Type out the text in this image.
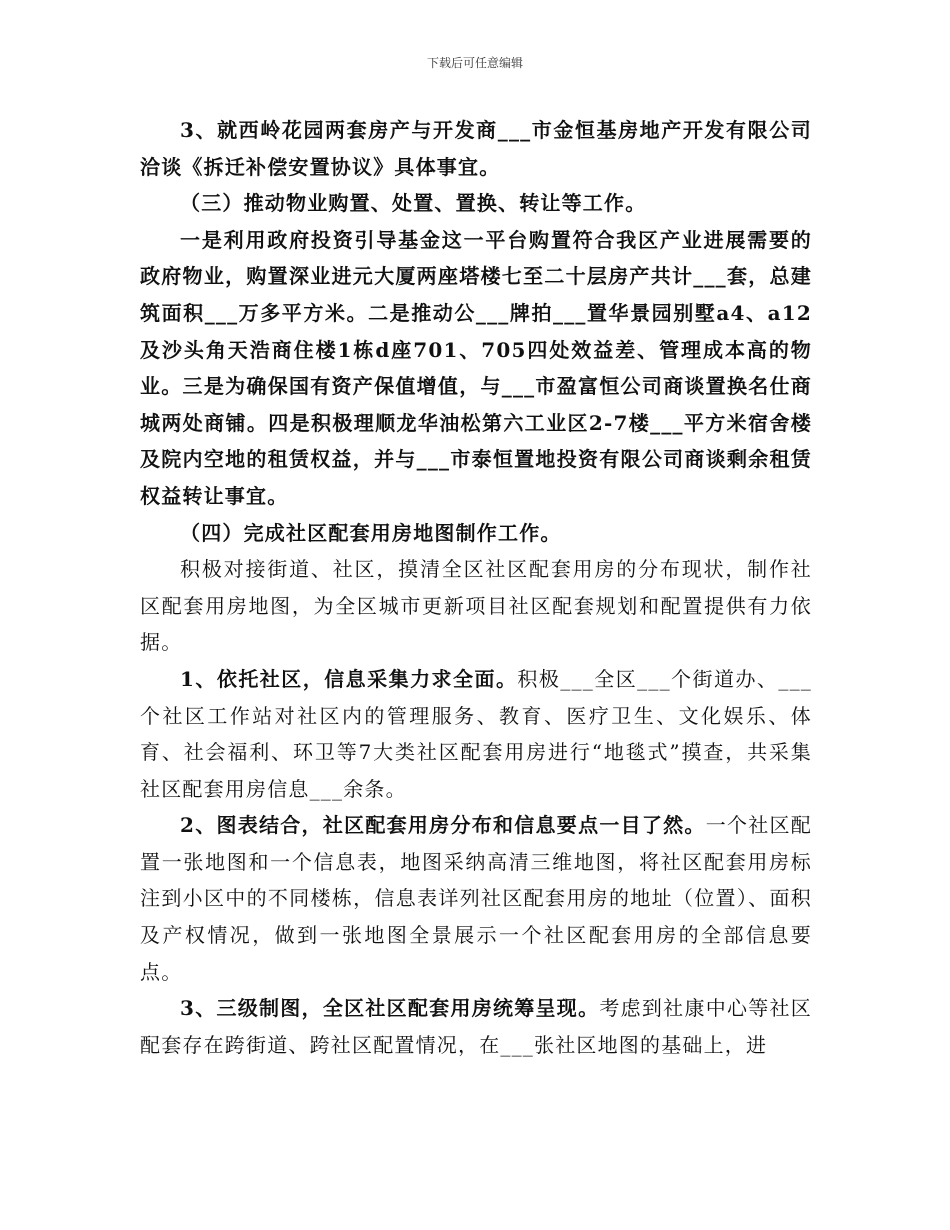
下载后可任意编辑

3、就西岭花园两套房产与开发商___市金恒基房地产开发有限公司洽谈《拆迁补偿安置协议》具体事宜。

（三）推动物业购置、处置、置换、转让等工作。

一是利用政府投资引导基金这一平台购置符合我区产业进展需要的政府物业，购置深业进元大厦两座塔楼七至二十层房产共计___套，总建筑面积___万多平方米。二是推动公___牌拍___置华景园别墅a4、a12及沙头角天浩商住楼1栋d座701、705四处效益差、管理成本高的物业。三是为确保国有资产保值增值，与___市盈富恒公司商谈置换名仕商城两处商铺。四是积极理顺龙华油松第六工业区2-7楼___平方米宿舍楼及院内空地的租赁权益，并与___市泰恒置地投资有限公司商谈剩余租赁权益转让事宜。

（四）完成社区配套用房地图制作工作。

积极对接街道、社区，摸清全区社区配套用房的分布现状，制作社区配套用房地图，为全区城市更新项目社区配套规划和配置提供有力依据。

1、依托社区，信息采集力求全面。积极___全区___个街道办、___个社区工作站对社区内的管理服务、教育、医疗卫生、文化娱乐、体育、社会福利、环卫等7大类社区配套用房进行“地毯式”摸查，共采集社区配套用房信息___余条。

2、图表结合，社区配套用房分布和信息要点一目了然。一个社区配置一张地图和一个信息表，地图采纳高清三维地图，将社区配套用房标注到小区中的不同楼栋，信息表详列社区配套用房的地址（位置）、面积及产权情况，做到一张地图全景展示一个社区配套用房的全部信息要点。

3、三级制图，全区社区配套用房统筹呈现。考虑到社康中心等社区配套存在跨街道、跨社区配置情况，在___张社区地图的基础上，进
